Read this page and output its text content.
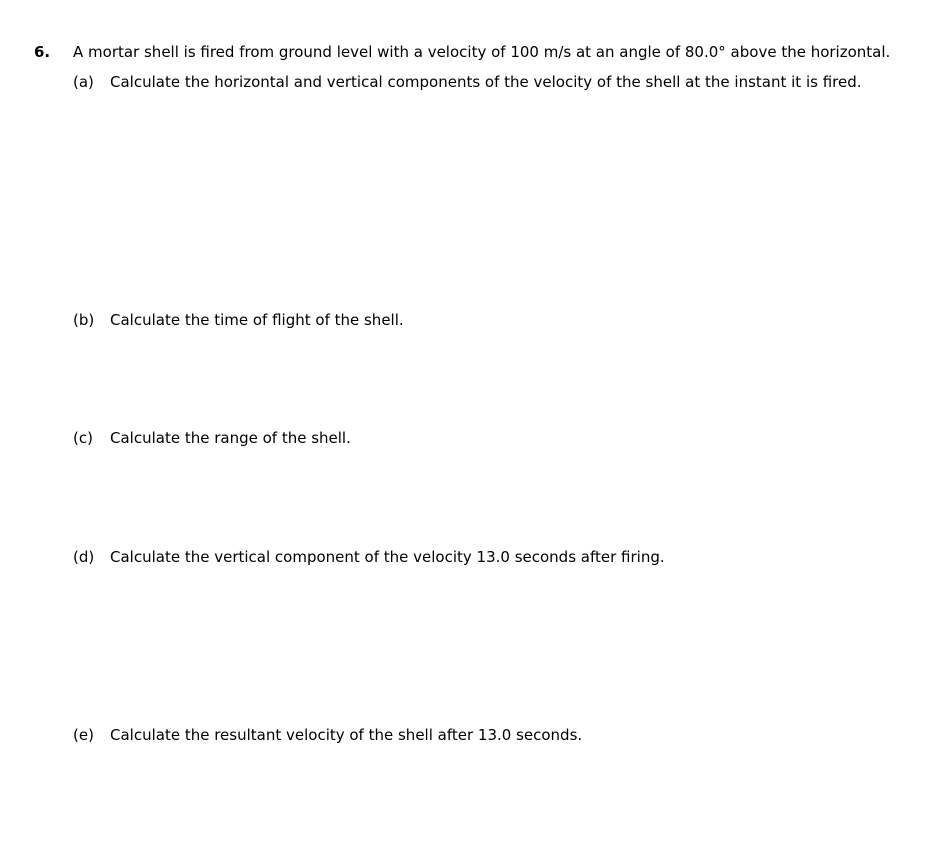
6. A mortar shell is fired from ground level with a velocity of 100 m/s at an angle of 80.0° above the horizontal.
(a) Calculate the horizontal and vertical components of the velocity of the shell at the instant it is fired.
(b) Calculate the time of flight of the shell.
(c) Calculate the range of the shell.
(d) Calculate the vertical component of the velocity 13.0 seconds after firing.
(e) Calculate the resultant velocity of the shell after 13.0 seconds.
